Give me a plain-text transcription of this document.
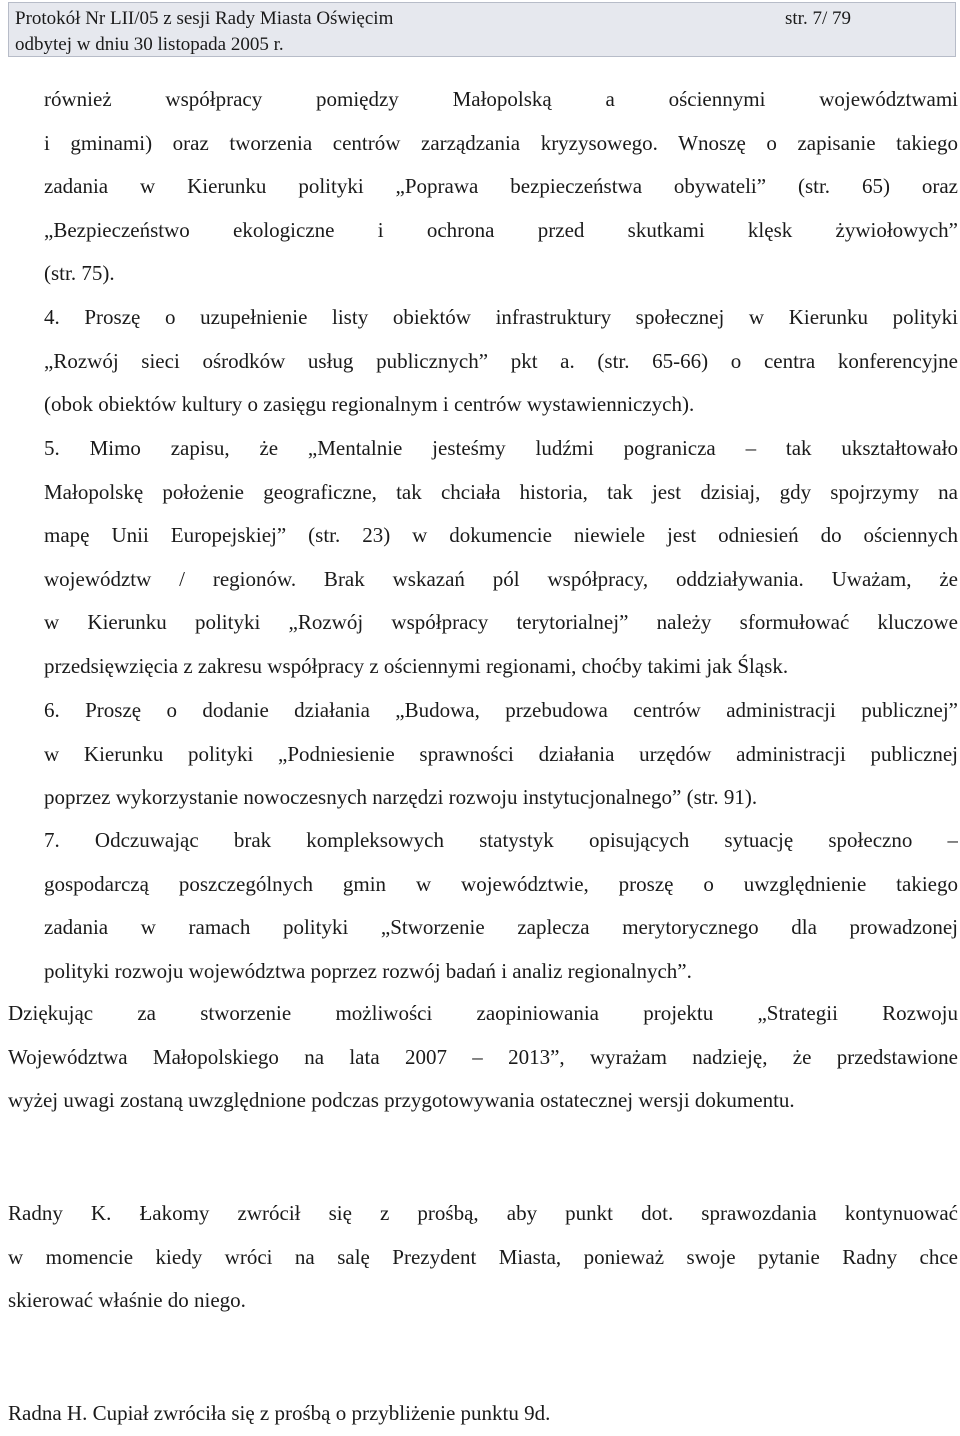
Protokół Nr LII/05 z sesji Rady Miasta Oświęcim
odbytej w dniu 30 listopada 2005 r.
str. 7/ 79
również współpracy pomiędzy Małopolską a ościennymi województwami
i gminami) oraz tworzenia centrów zarządzania kryzysowego. Wnoszę o zapisanie takiego
zadania w Kierunku polityki „Poprawa bezpieczeństwa obywateli” (str. 65) oraz
„Bezpieczeństwo ekologiczne i ochrona przed skutkami klęsk żywiołowych”
(str. 75).
4. Proszę o uzupełnienie listy obiektów infrastruktury społecznej w Kierunku polityki
„Rozwój sieci ośrodków usług publicznych” pkt a. (str. 65-66) o centra konferencyjne
(obok obiektów kultury o zasięgu regionalnym i centrów wystawienniczych).
5. Mimo zapisu, że „Mentalnie jesteśmy ludźmi pogranicza – tak ukształtowało
Małopolskę położenie geograficzne, tak chciała historia, tak jest dzisiaj, gdy spojrzymy na
mapę Unii Europejskiej” (str. 23) w dokumencie niewiele jest odniesień do ościennych
województw / regionów. Brak wskazań pól współpracy, oddziaływania. Uważam, że
w Kierunku polityki „Rozwój współpracy terytorialnej” należy sformułować kluczowe
przedsięwzięcia z zakresu współpracy z ościennymi regionami, choćby takimi jak Śląsk.
6. Proszę o dodanie działania „Budowa, przebudowa centrów administracji publicznej”
w Kierunku polityki „Podniesienie sprawności działania urzędów administracji publicznej
poprzez wykorzystanie nowoczesnych narzędzi rozwoju instytucjonalnego” (str. 91).
7. Odczuwając brak kompleksowych statystyk opisujących sytuację społeczno –
gospodarczą poszczególnych gmin w województwie, proszę o uwzględnienie takiego
zadania w ramach polityki „Stworzenie zaplecza merytorycznego dla prowadzonej
polityki rozwoju województwa poprzez rozwój badań i analiz regionalnych”.
Dziękując za stworzenie możliwości zaopiniowania projektu „Strategii Rozwoju
Województwa Małopolskiego na lata 2007 – 2013”, wyrażam nadzieję, że przedstawione
wyżej uwagi zostaną uwzględnione podczas przygotowywania ostatecznej wersji dokumentu.
Radny K. Łakomy zwrócił się z prośbą, aby punkt dot. sprawozdania kontynuować
w momencie kiedy wróci na salę Prezydent Miasta, ponieważ swoje pytanie Radny chce
skierować właśnie do niego.
Radna H. Cupiał zwróciła się z prośbą o przybliżenie punktu 9d.
